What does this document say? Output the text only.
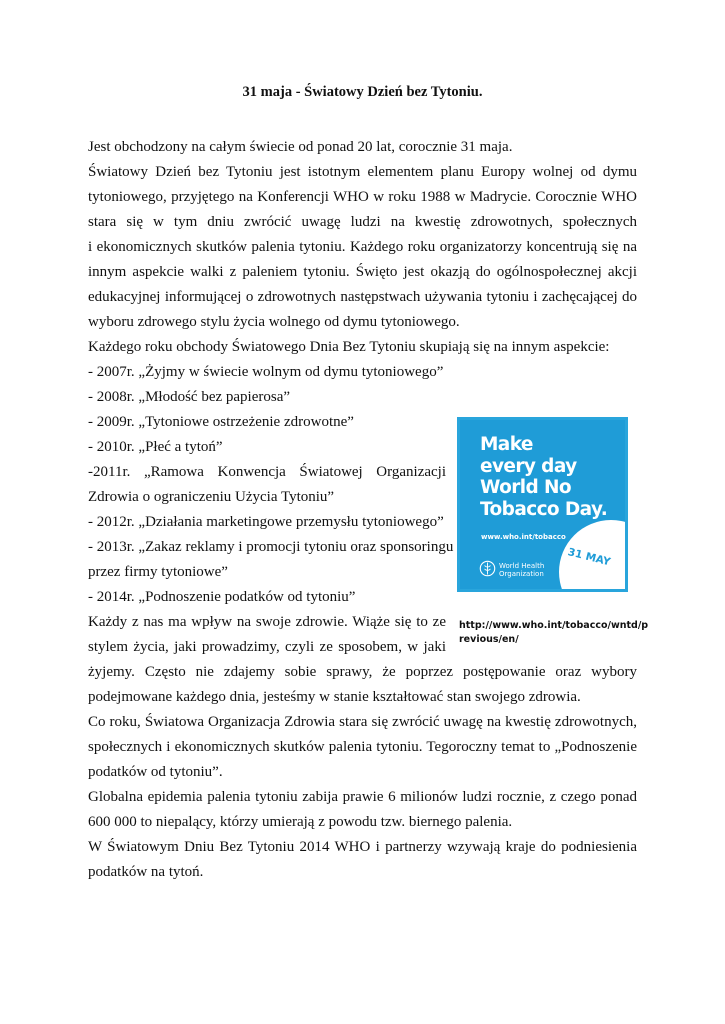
31 maja - Światowy Dzień bez Tytoniu.

Jest obchodzony na całym świecie od ponad 20 lat, corocznie 31 maja.

Światowy Dzień bez Tytoniu jest istotnym elementem planu Europy wolnej od dymu

tytoniowego, przyjętego na Konferencji WHO w roku 1988 w Madrycie. Corocznie WHO

stara się w tym dniu zwrócić uwagę ludzi na kwestię zdrowotnych, społecznych

i ekonomicznych skutków palenia tytoniu. Każdego roku organizatorzy koncentrują się na

innym aspekcie walki z paleniem tytoniu. Święto jest okazją do ogólnospołecznej akcji

edukacyjnej informującej o zdrowotnych następstwach używania tytoniu i zachęcającej do

wyboru zdrowego stylu życia wolnego od dymu tytoniowego.

Każdego roku obchody Światowego Dnia Bez Tytoniu skupiają się na innym aspekcie:

- 2007r. „Żyjmy w świecie wolnym od dymu tytoniowego”

- 2008r. „Młodość bez papierosa”

- 2009r. „Tytoniowe ostrzeżenie zdrowotne”

- 2010r. „Płeć a tytoń”

-2011r. „Ramowa Konwencja Światowej Organizacji

Zdrowia o ograniczeniu Użycia Tytoniu”

- 2012r. „Działania marketingowe przemysłu tytoniowego”

- 2013r. „Zakaz reklamy i promocji tytoniu oraz sponsoringu

przez firmy tytoniowe”

- 2014r. „Podnoszenie podatków od tytoniu”

Każdy z nas ma wpływ na swoje zdrowie. Wiąże się to ze

stylem życia, jaki prowadzimy, czyli ze sposobem, w jaki

żyjemy. Często nie zdajemy sobie sprawy, że poprzez postępowanie oraz wybory

podejmowane każdego dnia, jesteśmy w stanie kształtować stan swojego zdrowia.

Co roku, Światowa Organizacja Zdrowia stara się zwrócić uwagę na kwestię zdrowotnych,

społecznych i ekonomicznych skutków palenia tytoniu. Tegoroczny temat to „Podnoszenie

podatków od tytoniu”.

Globalna epidemia palenia tytoniu zabija prawie 6 milionów ludzi rocznie, z czego ponad

600 000 to niepalący, którzy umierają z powodu tzw. biernego palenia.

W Światowym Dniu Bez Tytoniu 2014 WHO i partnerzy wzywają kraje do podniesienia

podatków na tytoń.

Make
every day
World No
Tobacco Day.
www.who.int/tobacco
31 MAY
World Health
Organization
http://www.who.int/tobacco/wntd/p
revious/en/
